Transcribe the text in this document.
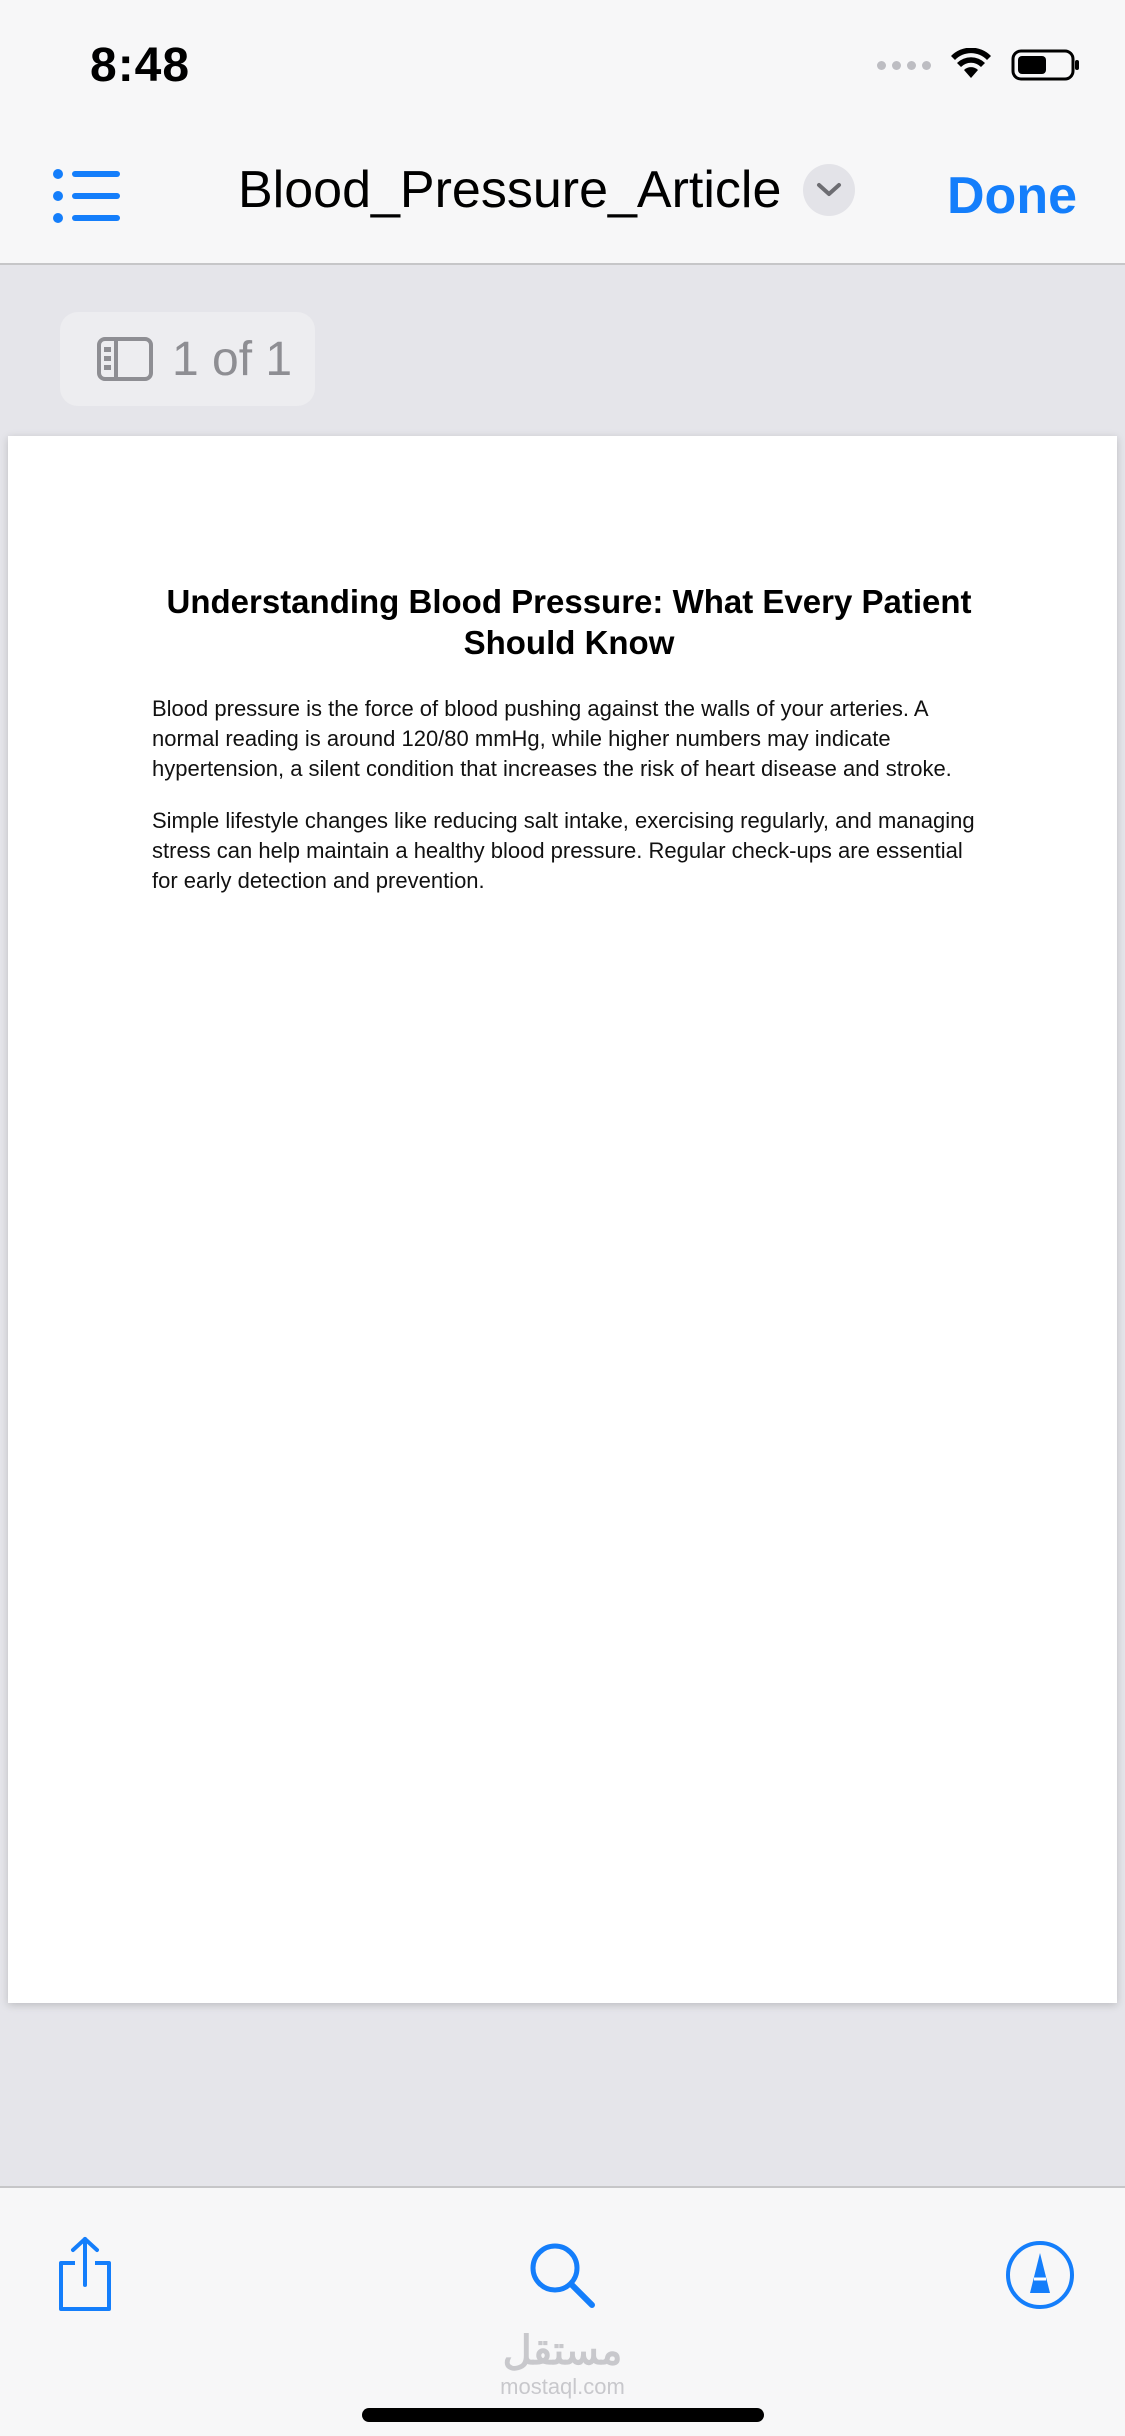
8:48
Blood_Pressure_Article	Done
1 of 1
Understanding Blood Pressure: What Every Patient Should Know

Blood pressure is the force of blood pushing against the walls of your arteries. A normal reading is around 120/80 mmHg, while higher numbers may indicate hypertension, a silent condition that increases the risk of heart disease and stroke.

Simple lifestyle changes like reducing salt intake, exercising regularly, and managing stress can help maintain a healthy blood pressure. Regular check-ups are essential for early detection and prevention.

مستقل
mostaql.com
